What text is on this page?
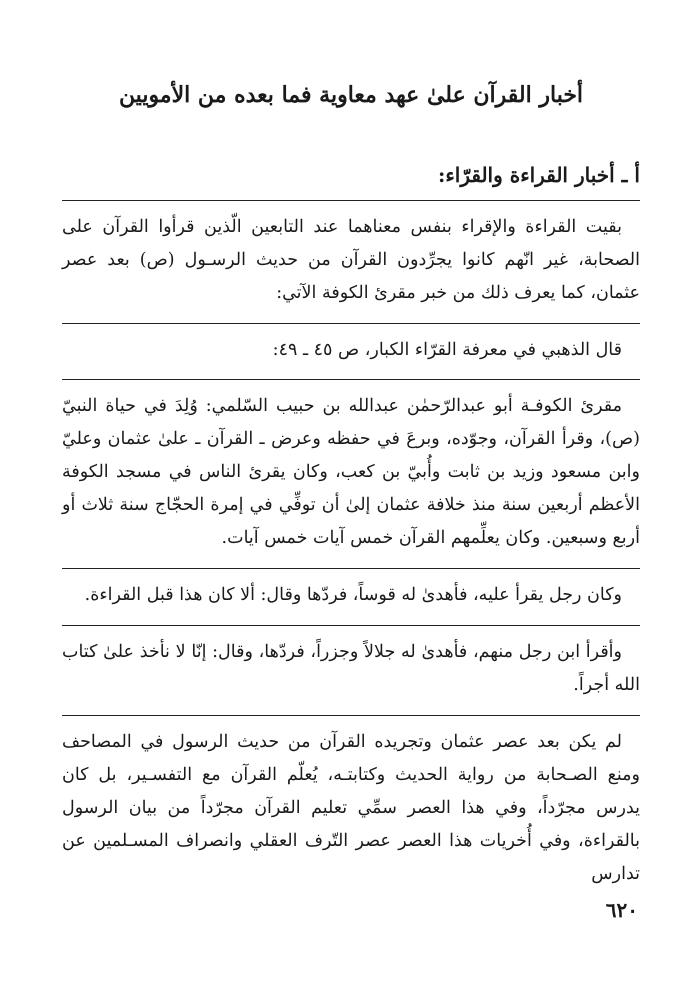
أخبار القرآن علىٰ عهد معاوية فما بعده من الأمويين
أ ـ أخبار القراءة والقرّاء:

بقيت القراءة والإقراء بنفس معناهما عند التابعين الّذين قرأوا القرآن على الصحابة، غير انّهم كانوا يجرِّدون القرآن من حديث الرسـول (ص) بعد عصر عثمان، كما يعرف ذلك من خبر مقرئ الكوفة الآتي:

قال الذهبي في معرفة القرّاء الكبار، ص ٤٥ ـ ٤٩:

مقرئ الكوفـة أبو عبدالرّحمٰن عبدالله بن حبيب السّلمي: وُلِدَ في حياة النبيّ (ص)، وقرأ القرآن، وجوّده، وبرعَ في حفظه وعرض ـ القرآن ـ علىٰ عثمان وعليّ وابن مسعود وزيد بن ثابت وأُبيّ بن كعب، وكان يقرئ الناس في مسجد الكوفة الأعظم أربعين سنة منذ خلافة عثمان إلىٰ أن توفِّي في إمرة الحجّاج سنة ثلاث أو أربع وسبعين. وكان يعلِّمهم القرآن خمس آيات خمس آيات.

وكان رجل يقرأ عليه، فأهدىٰ له قوساً، فردّها وقال: ألا كان هذا قبل القراءة.

وأقرأ ابن رجل منهم، فأهدىٰ له جلالاً وجزراً، فردّها، وقال: إنّا لا نأخذ علىٰ كتاب الله أجراً.

لم يكن بعد عصر عثمان وتجريده القرآن من حديث الرسول في المصاحف ومنع الصـحابة من رواية الحديث وكتابتـه، يُعلّم القرآن مع التفسـير، بل كان يدرس مجرّداً، وفي هذا العصر سمِّي تعليم القرآن مجرّداً من بيان الرسول بالقراءة، وفي أُخريات هذا العصر عصر التّرف العقلي وانصراف المسـلمين عن تدارس

٦٢٠
